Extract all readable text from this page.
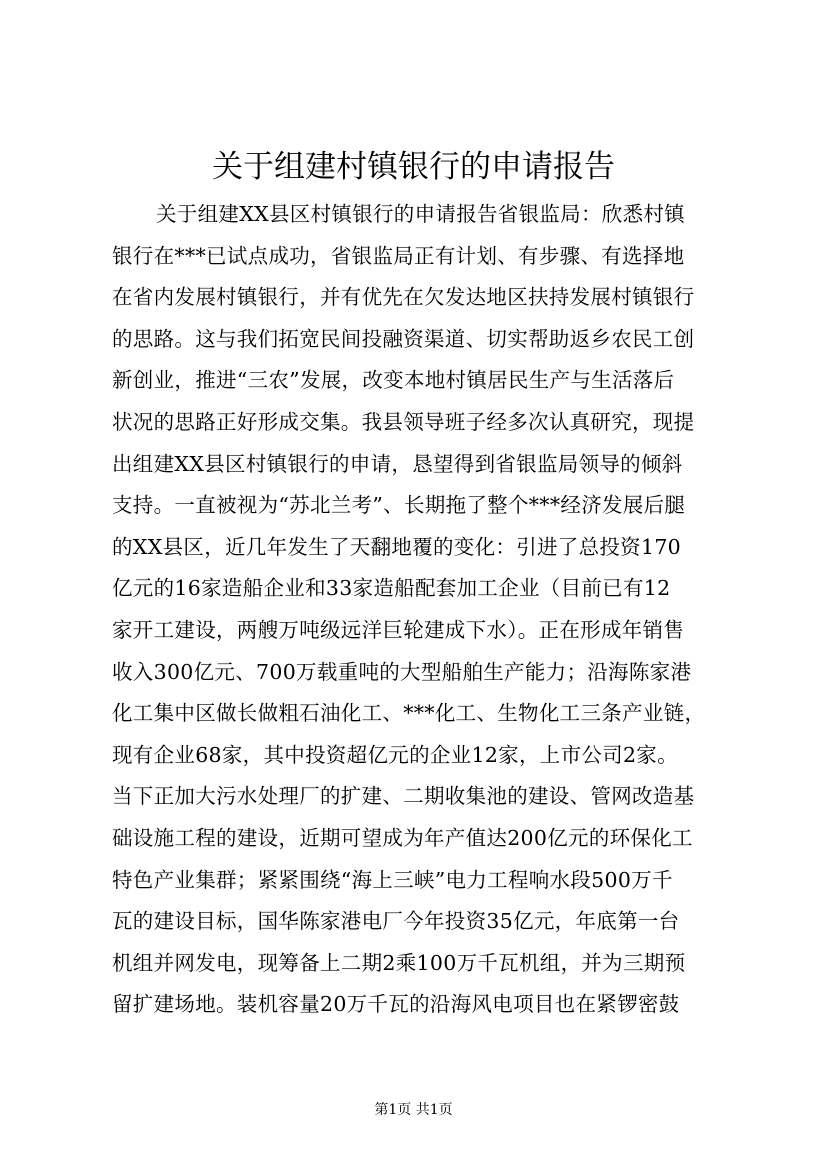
关于组建村镇银行的申请报告
关于组建XX县区村镇银行的申请报告省银监局：欣悉村镇
银行在***已试点成功，省银监局正有计划、有步骤、有选择地
在省内发展村镇银行，并有优先在欠发达地区扶持发展村镇银行
的思路。这与我们拓宽民间投融资渠道、切实帮助返乡农民工创
新创业，推进“三农”发展，改变本地村镇居民生产与生活落后
状况的思路正好形成交集。我县领导班子经多次认真研究，现提
出组建XX县区村镇银行的申请，恳望得到省银监局领导的倾斜
支持。一直被视为“苏北兰考”、长期拖了整个***经济发展后腿
的XX县区，近几年发生了天翻地覆的变化：引进了总投资170
亿元的16家造船企业和33家造船配套加工企业（目前已有12
家开工建设，两艘万吨级远洋巨轮建成下水）。正在形成年销售
收入300亿元、700万载重吨的大型船舶生产能力；沿海陈家港
化工集中区做长做粗石油化工、***化工、生物化工三条产业链，
现有企业68家，其中投资超亿元的企业12家，上市公司2家。
当下正加大污水处理厂的扩建、二期收集池的建设、管网改造基
础设施工程的建设，近期可望成为年产值达200亿元的环保化工
特色产业集群；紧紧围绕“海上三峡”电力工程响水段500万千
瓦的建设目标，国华陈家港电厂今年投资35亿元，年底第一台
机组并网发电，现筹备上二期2乘100万千瓦机组，并为三期预
留扩建场地。装机容量20万千瓦的沿海风电项目也在紧锣密鼓
第1页 共1页
